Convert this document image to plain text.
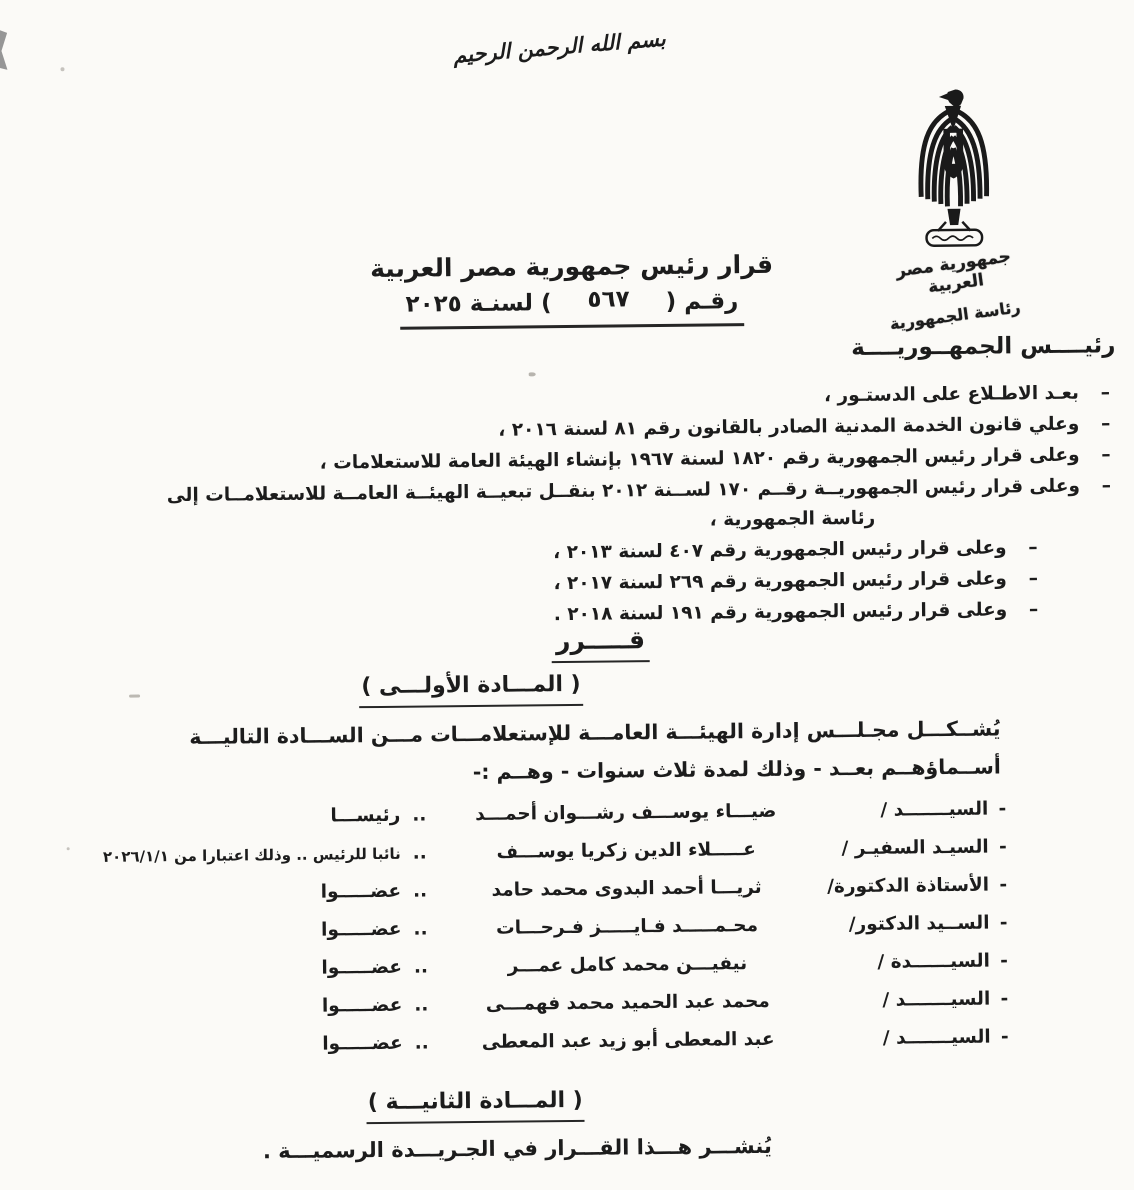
بسم الله الرحمن الرحيم
جمهورية مصر العربية
رئاسة الجمهورية
قرار رئيس جمهورية مصر العربية
رقـم (٥٦٧) لسنـة ٢٠٢٥
رئيــــس الجمهــوريــــة
–
بعـد الاطـلاع على الدستـور ،
–
وعلي قانون الخدمة المدنية الصادر بالقانون رقم ٨١ لسنة ٢٠١٦ ،
–
وعلى قرار رئيس الجمهورية رقم ١٨٢٠ لسنة ١٩٦٧ بإنشاء الهيئة العامة للاستعلامات ،
–
وعلى قرار رئيس الجمهوريــة رقــم ١٧٠ لســنة ٢٠١٢ بنقــل تبعيــة الهيئــة العامــة للاستعلامــات إلى
رئاسة الجمهورية ،
–
وعلى قرار رئيس الجمهورية رقم ٤٠٧ لسنة ٢٠١٣ ،
–
وعلى قرار رئيس الجمهورية رقم ٢٦٩ لسنة ٢٠١٧ ،
–
وعلى قرار رئيس الجمهورية رقم ١٩١ لسنة ٢٠١٨ .
قـــــرر
( المـــادة الأولـــى )
يُشــكـــل مجـلـــس إدارة الهيئـــة العامـــة للإستعلامـــات مـــن الســـادة التاليـــة
أســماؤهــم بعــد - وذلك لمدة ثلاث سنوات - وهــم :-
-
السيـــــــد /
ضيـــاء يوســـف رشـــوان أحمـــد
..
رئيســـا
-
السيـد السفيـر /
عـــــلاء الدين زكريا يوســـف
..
نائبا للرئيس .. وذلك اعتبارا من ٢٠٢٦/١/١
-
الأستاذة الدكتورة/
ثريـــا أحمد البدوى محمد حامد
..
عضـــــوا
-
الســيد الدكتور/
محـمـــــد فـايـــــز فـرحـــات
..
عضـــــوا
-
السيــــــدة /
نيفيـــن محمد كامل عمـــر
..
عضـــــوا
-
السيـــــــد /
محمد عبد الحميد محمد فهمـــى
..
عضـــــوا
-
السيـــــــد /
عبد المعطى أبو زيد عبد المعطى
..
عضـــــوا
( المـــادة الثانيـــة )
يُنشـــر هـــذا القـــرار في الجـريـــدة الرسميـــة .
